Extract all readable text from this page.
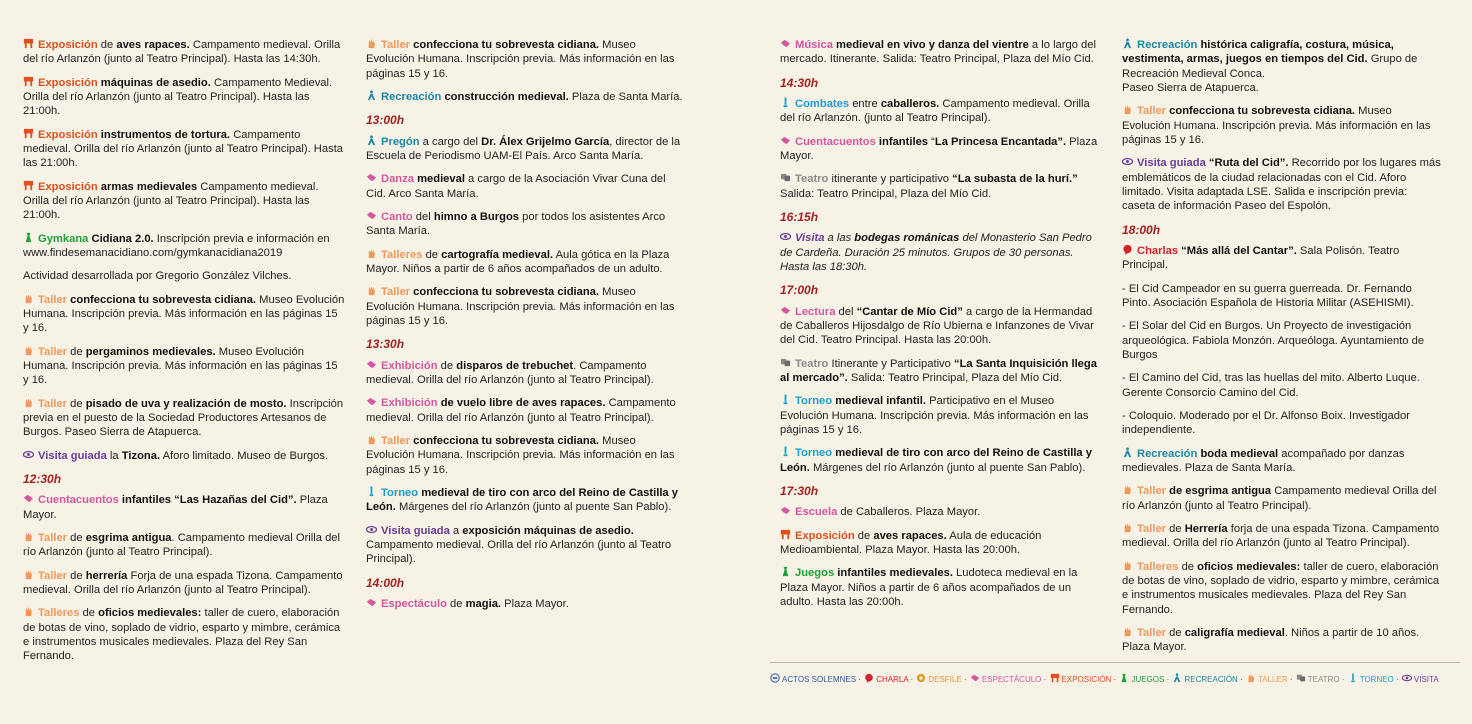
Exposición de aves rapaces. Campamento medieval. Orilla del río Arlanzón (junto al Teatro Principal). Hasta las 14:30h.
Exposición máquinas de asedio. Campamento Medieval. Orilla del río Arlanzón (junto al Teatro Principal). Hasta las 21:00h.
Exposición instrumentos de tortura. Campamento medieval. Orilla del río Arlanzón (junto al Teatro Principal). Hasta las 21:00h.
Exposición armas medievales Campamento medieval. Orilla del río Arlanzón (junto al Teatro Principal). Hasta las 21:00h.
Gymkana Cidiana 2.0. Inscripción previa e información en www.findesemanacidiano.com/gymkanacidiana2019
Actividad desarrollada por Gregorio González Vilches.
Taller confecciona tu sobrevesta cidiana. Museo Evolución Humana. Inscripción previa. Más información en las páginas 15 y 16.
Taller de pergaminos medievales. Museo Evolución Humana. Inscripción previa. Más información en las páginas 15 y 16.
Taller de pisado de uva y realización de mosto. Inscripción previa en el puesto de la Sociedad Productores Artesanos de Burgos. Paseo Sierra de Atapuerca.
Visita guiada la Tizona. Aforo limitado. Museo de Burgos.
12:30h
Cuentacuentos infantiles “Las Hazañas del Cid”. Plaza Mayor.
Taller de esgrima antigua. Campamento medieval Orilla del río Arlanzón (junto al Teatro Principal).
Taller de herrería Forja de una espada Tizona. Campamento medieval. Orilla del río Arlanzón (junto al Teatro Principal).
Talleres de oficios medievales: taller de cuero, elaboración de botas de vino, soplado de vidrio, esparto y mimbre, cerámica e instrumentos musicales medievales. Plaza del Rey San Fernando.
Taller confecciona tu sobrevesta cidiana. Museo Evolución Humana. Inscripción previa. Más información en las páginas 15 y 16.
Recreación construcción medieval. Plaza de Santa María.
13:00h
Pregón a cargo del Dr. Álex Grijelmo García, director de la Escuela de Periodismo UAM-El País. Arco Santa María.
Danza medieval a cargo de la Asociación Vivar Cuna del Cid. Arco Santa María.
Canto del himno a Burgos por todos los asistentes Arco Santa María.
Talleres de cartografía medieval. Aula gótica en la Plaza Mayor. Niños a partir de 6 años acompañados de un adulto.
Taller confecciona tu sobrevesta cidiana. Museo Evolución Humana. Inscripción previa. Más información en las páginas 15 y 16.
13:30h
Exhibición de disparos de trebuchet. Campamento medieval. Orilla del río Arlanzón (junto al Teatro Principal).
Exhibición de vuelo libre de aves rapaces. Campamento medieval. Orilla del río Arlanzón (junto al Teatro Principal).
Taller confecciona tu sobrevesta cidiana. Museo Evolución Humana. Inscripción previa. Más información en las páginas 15 y 16.
Torneo medieval de tiro con arco del Reino de Castilla y León. Márgenes del río Arlanzón (junto al puente San Pablo).
Visita guiada a exposición máquinas de asedio. Campamento medieval. Orilla del río Arlanzón (junto al Teatro Principal).
14:00h
Espectáculo de magia. Plaza Mayor.
Música medieval en vivo y danza del vientre a lo largo del mercado. Itinerante. Salida: Teatro Principal, Plaza del Mío Cid.
14:30h
Combates entre caballeros. Campamento medieval. Orilla del río Arlanzón. (junto al Teatro Principal).
Cuentacuentos infantiles “La Princesa Encantada”. Plaza Mayor.
Teatro itinerante y participativo “La subasta de la hurí.” Salida: Teatro Principal, Plaza del Mío Cid.
16:15h
Visita a las bodegas románicas del Monasterio San Pedro de Cardeña. Duración 25 minutos. Grupos de 30 personas. Hasta las 18:30h.
17:00h
Lectura del “Cantar de Mío Cid” a cargo de la Hermandad de Caballeros Hijosdalgo de Río Ubierna e Infanzones de Vivar del Cid. Teatro Principal. Hasta las 20:00h.
Teatro Itinerante y Participativo “La Santa Inquisición llega al mercado”. Salida: Teatro Principal, Plaza del Mío Cid.
Torneo medieval infantil. Participativo en el Museo Evolución Humana. Inscripción previa. Más información en las páginas 15 y 16.
Torneo medieval de tiro con arco del Reino de Castilla y León. Márgenes del río Arlanzón (junto al puente San Pablo).
17:30h
Escuela de Caballeros. Plaza Mayor.
Exposición de aves rapaces. Aula de educación Medioambiental. Plaza Mayor. Hasta las 20:00h.
Juegos infantiles medievales. Ludoteca medieval en la Plaza Mayor. Niños a partir de 6 años acompañados de un adulto. Hasta las 20:00h.
Recreación histórica caligrafía, costura, música, vestimenta, armas, juegos en tiempos del Cid. Grupo de Recreación Medieval Conca.
Paseo Sierra de Atapuerca.
Taller confecciona tu sobrevesta cidiana. Museo Evolución Humana. Inscripción previa. Más información en las páginas 15 y 16.
Visita guiada “Ruta del Cid”. Recorrido por los lugares más emblemáticos de la ciudad relacionadas con el Cid. Aforo limitado. Visita adaptada LSE. Salida e inscripción previa: caseta de información Paseo del Espolón.
18:00h
Charlas “Más allá del Cantar”. Sala Polisón. Teatro Principal.
- El Cid Campeador en su guerra guerreada. Dr. Fernando Pinto. Asociación Española de Historia Militar (ASEHISMI).
- El Solar del Cid en Burgos. Un Proyecto de investigación arqueológica. Fabiola Monzón. Arqueóloga. Ayuntamiento de Burgos
- El Camino del Cid, tras las huellas del mito. Alberto Luque. Gerente Consorcio Camino del Cid.
- Coloquio. Moderado por el Dr. Alfonso Boix. Investigador independiente.
Recreación boda medieval acompañado por danzas medievales. Plaza de Santa María.
Taller de esgrima antigua Campamento medieval Orilla del río Arlanzón (junto al Teatro Principal).
Taller de Herrería forja de una espada Tizona. Campamento medieval. Orilla del río Arlanzón (junto al Teatro Principal).
Talleres de oficios medievales: taller de cuero, elaboración de botas de vino, soplado de vidrio, esparto y mimbre, cerámica e instrumentos musicales medievales. Plaza del Rey San Fernando.
Taller de caligrafía medieval. Niños a partir de 10 años. Plaza Mayor.
ACTOS SOLEMNES · CHARLA · DESFILE · ESPECTÁCULO · EXPOSICIÓN · JUEGOS · RECREACIÓN · TALLER · TEATRO · TORNEO · VISITA
